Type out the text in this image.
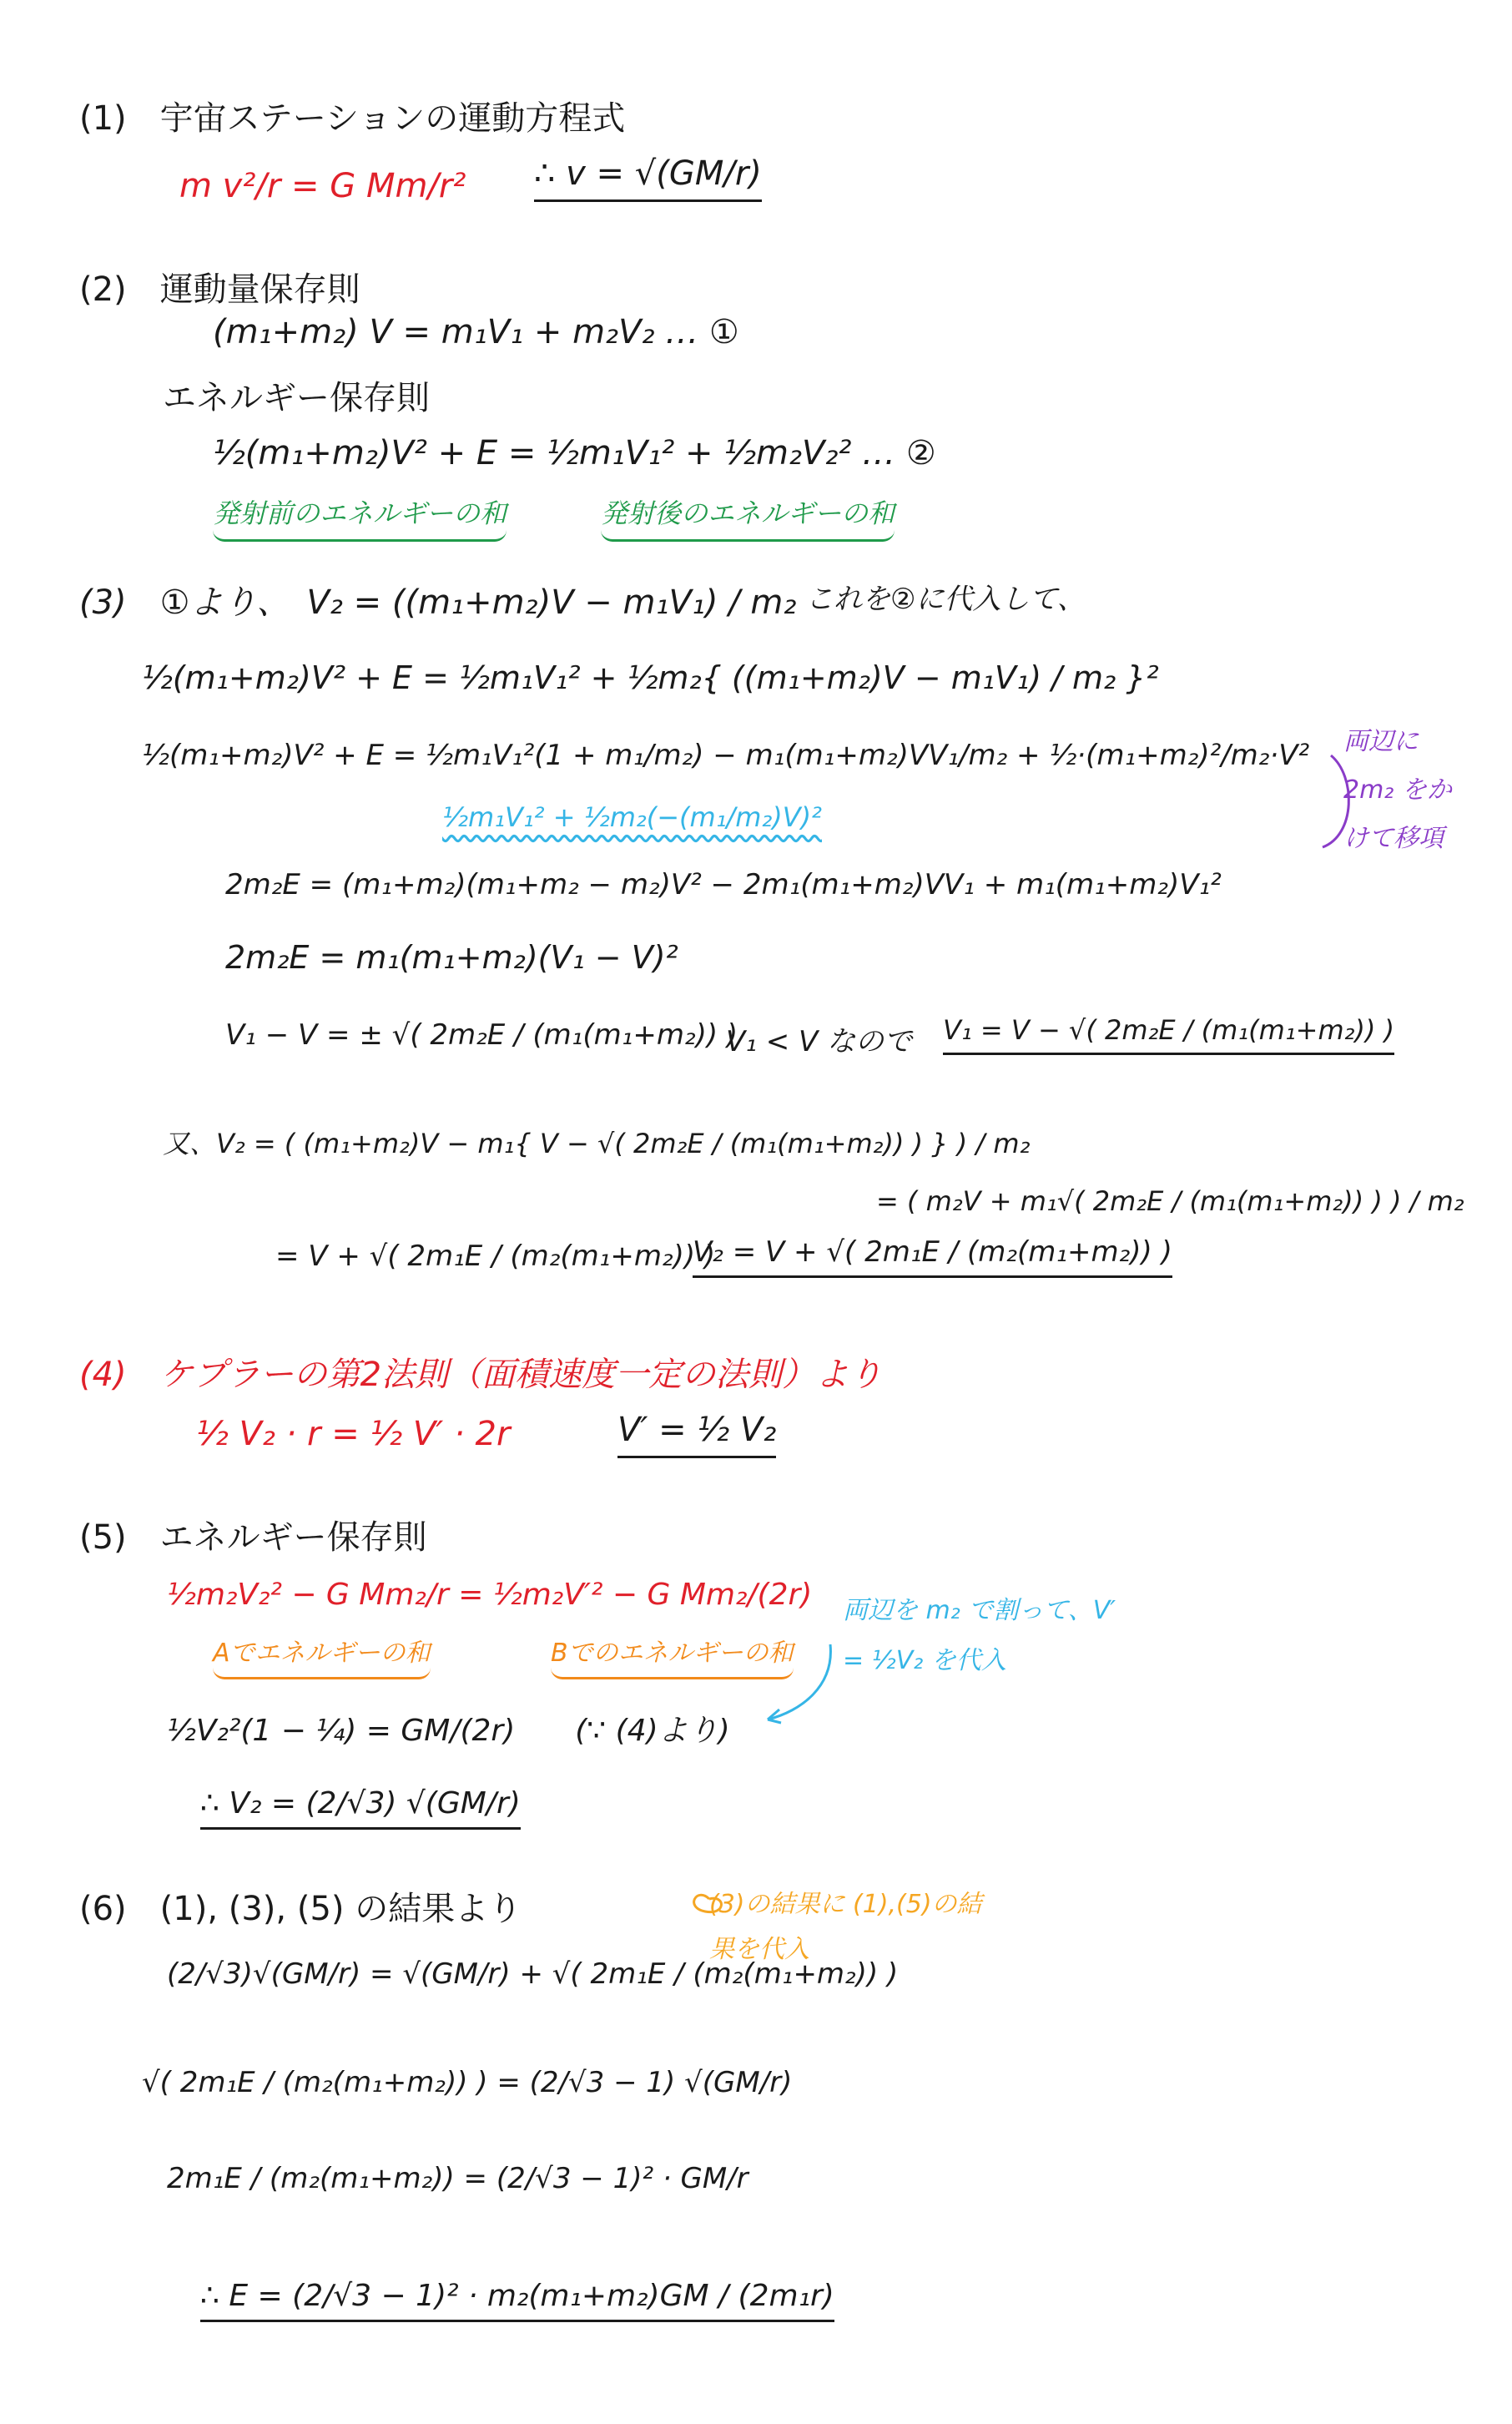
(1)　宇宙ステーションの運動方程式
m v²/r = G Mm/r² ∴ v = √(GM/r)
(2)　運動量保存則
(m₁+m₂) V = m₁V₁ + m₂V₂ … ①
エネルギー保存則
½(m₁+m₂)V² + E = ½m₁V₁² + ½m₂V₂² … ②
発射前のエネルギーの和	発射後のエネルギーの和
(3)　①より、　V₂ = ((m₁+m₂)V − m₁V₁) / m₂ これを②に代入して、
½(m₁+m₂)V² + E = ½m₁V₁² + ½m₂{ ((m₁+m₂)V − m₁V₁) / m₂ }²
½(m₁+m₂)V² + E = ½m₁V₁²(1 + m₁/m₂) − m₁(m₁+m₂)VV₁/m₂ + ½·(m₁+m₂)²/m₂·V²
½m₁V₁² + ½m₂(−(m₁/m₂)V)²
両辺に 2m₂ をかけて移項
2m₂E = (m₁+m₂)(m₁+m₂ − m₂)V² − 2m₁(m₁+m₂)VV₁ + m₁(m₁+m₂)V₁²
2m₂E = m₁(m₁+m₂)(V₁ − V)²
V₁ − V = ± √( 2m₂E / (m₁(m₁+m₂)) )
V₁ < V なので V₁ = V − √( 2m₂E / (m₁(m₁+m₂)) )
又、V₂ = ( (m₁+m₂)V − m₁{ V − √( 2m₂E / (m₁(m₁+m₂)) ) } ) / m₂
= ( m₂V + m₁√( 2m₂E / (m₁(m₁+m₂)) ) ) / m₂
= V + √( 2m₁E / (m₂(m₁+m₂)) )
V₂ = V + √( 2m₁E / (m₂(m₁+m₂)) )
(4)　ケプラーの第2法則（面積速度一定の法則）より
½ V₂ · r = ½ V′ · 2r	V′ = ½ V₂
(5)　エネルギー保存則
½m₂V₂² − G Mm₂/r = ½m₂V′² − G Mm₂/(2r)
Aでエネルギーの和	Bでのエネルギーの和
両辺を m₂ で割って、V′ = ½V₂ を代入
½V₂²(1 − ¼) = GM/(2r)　　(∵ (4)より)
∴ V₂ = (2/√3) √(GM/r)
(6)　(1), (3), (5) の結果より	(3)の結果に (1),(5)の結果を代入
(2/√3)√(GM/r) = √(GM/r) + √( 2m₁E / (m₂(m₁+m₂)) )
√( 2m₁E / (m₂(m₁+m₂)) ) = (2/√3 − 1) √(GM/r)
2m₁E / (m₂(m₁+m₂)) = (2/√3 − 1)² · GM/r
∴ E = (2/√3 − 1)² · m₂(m₁+m₂)GM / (2m₁r)
